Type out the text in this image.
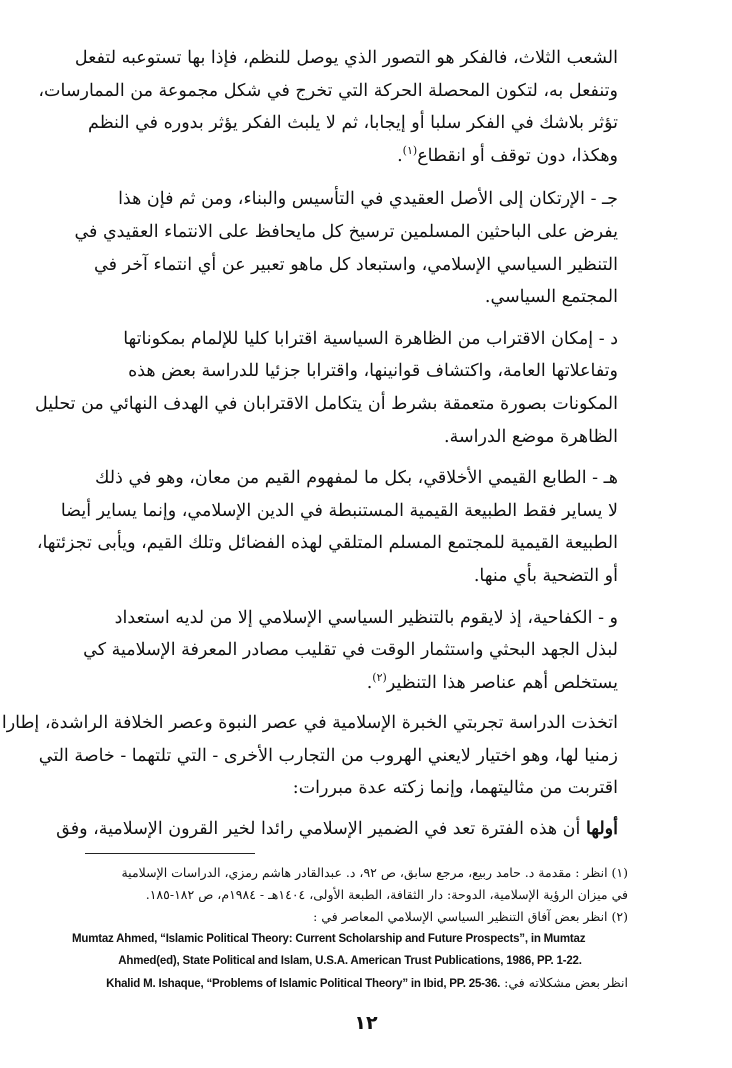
الشعب الثلاث، فالفكر هو التصور الذي يوصل للنظم، فإذا بها تستوعبه لتفعل
وتنفعل به، لتكون المحصلة الحركة التي تخرج في شكل مجموعة من الممارسات،
تؤثر بلاشك في الفكر سلبا أو إيجابا، ثم لا يلبث الفكر يؤثر بدوره في النظم
وهكذا، دون توقف أو انقطاع$^{(١)}$.

جـ - الإرتكان إلى الأصل العقيدي في التأسيس والبناء، ومن ثم فإن هذا
يفرض على الباحثين المسلمين ترسيخ كل مايحافظ على الانتماء العقيدي في
التنظير السياسي الإسلامي، واستبعاد كل ماهو تعبير عن أي انتماء آخر في
المجتمع السياسي.

د - إمكان الاقتراب من الظاهرة السياسية اقترابا كليا للإلمام بمكوناتها
وتفاعلاتها العامة، واكتشاف قوانينها، واقترابا جزئيا للدراسة بعض هذه
المكونات بصورة متعمقة بشرط أن يتكامل الاقترابان في الهدف النهائي من تحليل
الظاهرة موضع الدراسة.

هـ - الطابع القيمي الأخلاقي، بكل ما لمفهوم القيم من معان، وهو في ذلك
لا يساير فقط الطبيعة القيمية المستنبطة في الدين الإسلامي، وإنما يساير أيضا
الطبيعة القيمية للمجتمع المسلم المتلقي لهذه الفضائل وتلك القيم، ويأبى تجزئتها،
أو التضحية بأي منها.

و - الكفاحية، إذ لايقوم بالتنظير السياسي الإسلامي إلا من لديه استعداد
لبذل الجهد البحثي واستثمار الوقت في تقليب مصادر المعرفة الإسلامية كي
يستخلص أهم عناصر هذا التنظير$^{(٢)}$.

اتخذت الدراسة تجربتي الخبرة الإسلامية في عصر النبوة وعصر الخلافة الراشدة، إطارا
زمنيا لها، وهو اختيار لايعني الهروب من التجارب الأخرى - التي تلتهما - خاصة التي
اقتربت من مثاليتهما، وإنما زكته عدة مبررات:

أولها أن هذه الفترة تعد في الضمير الإسلامي رائدا لخير القرون الإسلامية، وفق

(١) انظر : مقدمة د. حامد ربيع، مرجع سابق، ص ٩٢، د. عبدالقادر هاشم رمزي، الدراسات الإسلامية
في ميزان الرؤية الإسلامية، الدوحة: دار الثقافة، الطبعة الأولى، ١٤٠٤هـ - ١٩٨٤م، ص ١٨٢-١٨٥.
(٢) انظر بعض آفاق التنظير السياسي الإسلامي المعاصر في :
Mumtaz Ahmed, “Islamic Political Theory: Current Scholarship and Future Prospects”, in Mumtaz
Ahmed(ed), State Political and Islam, U.S.A. American Trust Publications, 1986, PP. 1-22.
انظر بعض مشكلاته في: Khalid M. Ishaque, “Problems of Islamic Political Theory” in Ibid, PP. 25-36.
١٢
